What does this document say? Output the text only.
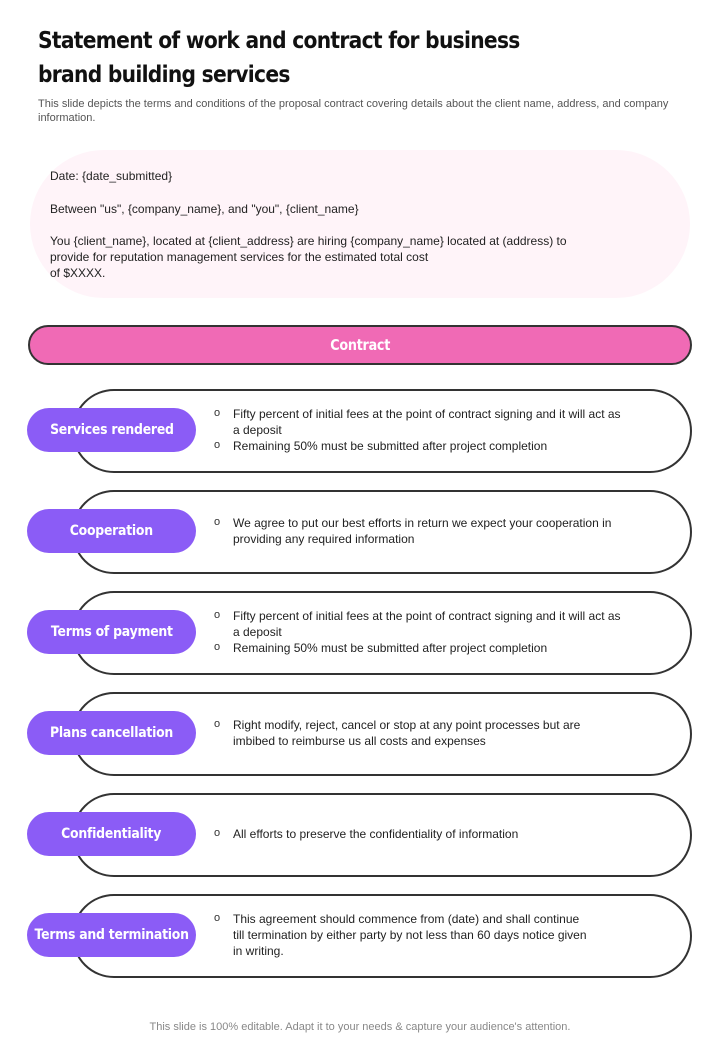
Statement of work and contract for business brand building services
This slide depicts the terms and conditions of the proposal contract covering details about the client name, address, and company information.
Date: {date_submitted}
Between "us", {company_name}, and "you", {client_name}
You {client_name}, located at {client_address} are hiring {company_name} located at (address) to
provide for reputation management services for the estimated total cost
of $XXXX.
Contract
Services rendered
o Fifty percent of initial fees at the point of contract signing and it will act as
a deposit
o Remaining 50% must be submitted after project completion
Cooperation	o We agree to put our best efforts in return we expect your cooperation in
providing any required information
Terms of payment
o Fifty percent of initial fees at the point of contract signing and it will act as
a deposit
o Remaining 50% must be submitted after project completion
Plans cancellation	o Right modify, reject, cancel or stop at any point processes but are
imbibed to reimburse us all costs and expenses
Confidentiality	o All efforts to preserve the confidentiality of information
Terms and termination
o This agreement should commence from (date) and shall continue
till termination by either party by not less than 60 days notice given
in writing.
This slide is 100% editable. Adapt it to your needs & capture your audience's attention.
